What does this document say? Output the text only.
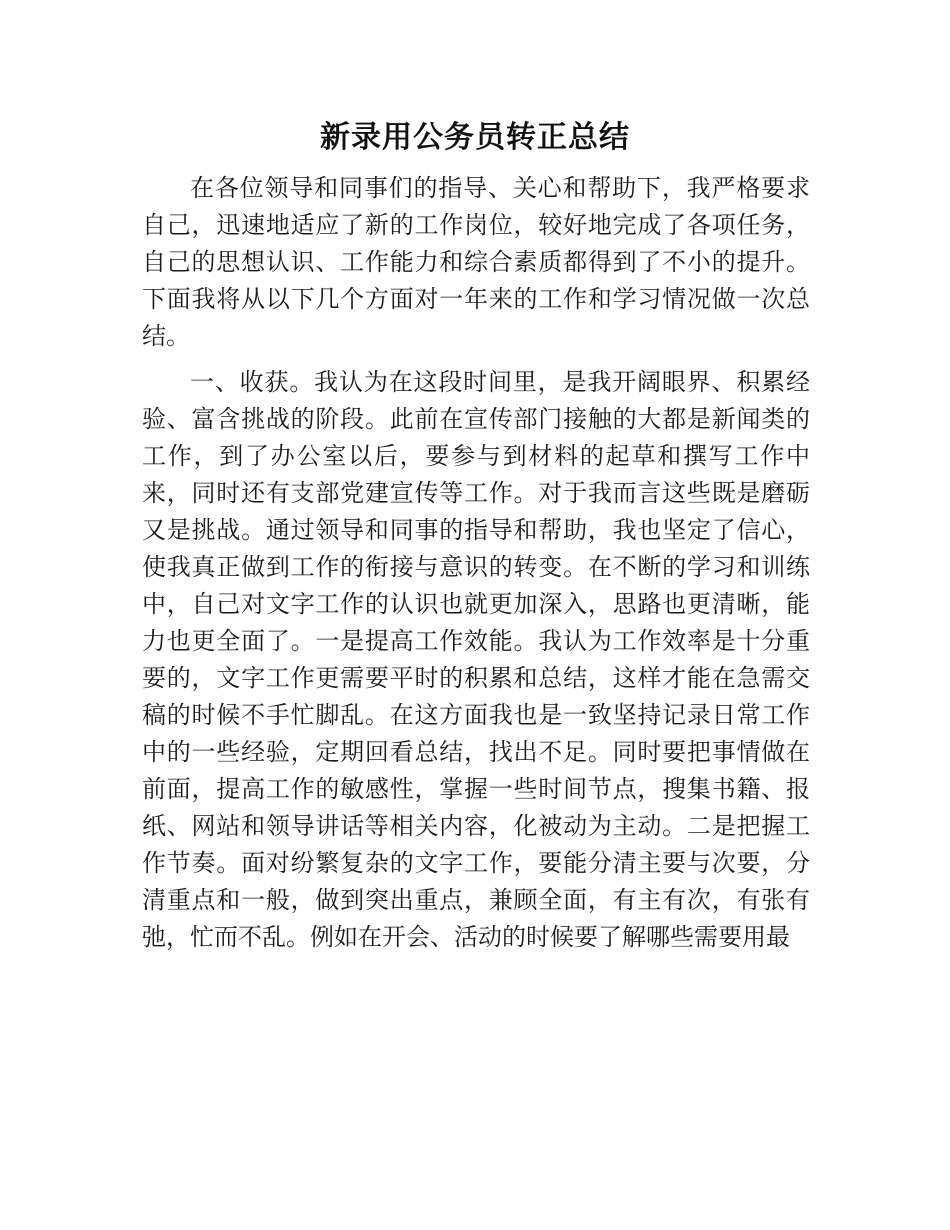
新录用公务员转正总结

在各位领导和同事们的指导、关心和帮助下，我严格要求自己，迅速地适应了新的工作岗位，较好地完成了各项任务，自己的思想认识、工作能力和综合素质都得到了不小的提升。下面我将从以下几个方面对一年来的工作和学习情况做一次总结。

一、收获。我认为在这段时间里，是我开阔眼界、积累经验、富含挑战的阶段。此前在宣传部门接触的大都是新闻类的工作，到了办公室以后，要参与到材料的起草和撰写工作中来，同时还有支部党建宣传等工作。对于我而言这些既是磨砺又是挑战。通过领导和同事的指导和帮助，我也坚定了信心，使我真正做到工作的衔接与意识的转变。在不断的学习和训练中，自己对文字工作的认识也就更加深入，思路也更清晰，能力也更全面了。一是提高工作效能。我认为工作效率是十分重要的，文字工作更需要平时的积累和总结，这样才能在急需交稿的时候不手忙脚乱。在这方面我也是一致坚持记录日常工作中的一些经验，定期回看总结，找出不足。同时要把事情做在前面，提高工作的敏感性，掌握一些时间节点，搜集书籍、报纸、网站和领导讲话等相关内容，化被动为主动。二是把握工作节奏。面对纷繁复杂的文字工作，要能分清主要与次要，分清重点和一般，做到突出重点，兼顾全面，有主有次，有张有弛，忙而不乱。例如在开会、活动的时候要了解哪些需要用最
